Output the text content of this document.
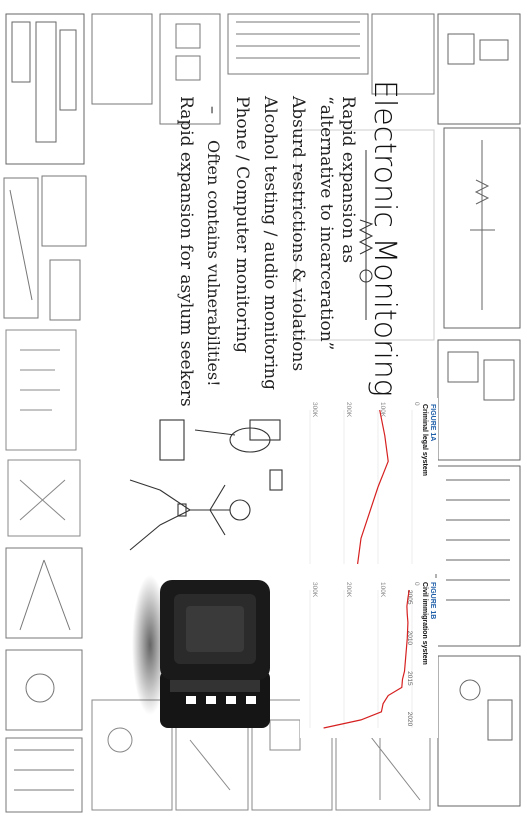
Electronic Monitoring
Rapid expansion as
“alternative to incarceration”
Absurd restrictions & violations
Alcohol testing / audio monitoring
Phone / Computer monitoring
–
Often contains vulnerabilities!
Rapid expansion for asylum seekers	0
100K
200K
300K	FIGURE 1A
Criminal legal system
0
100K
200K
300K
2005
2010
2015
2020
FIGURE 1B
Civil immigration system
